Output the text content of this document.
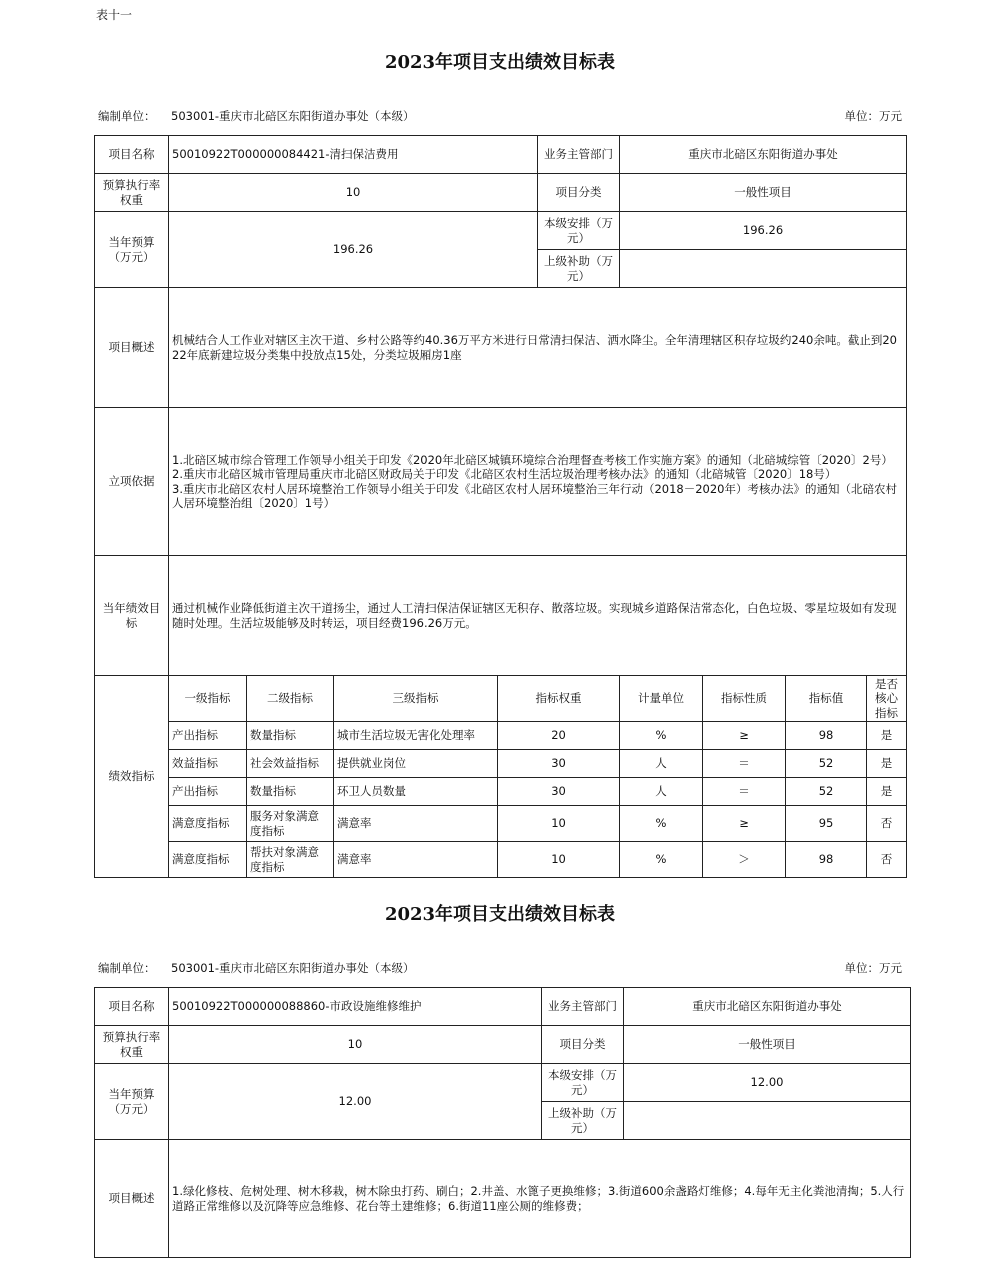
表十一
2023年项目支出绩效目标表
编制单位： 503001-重庆市北碚区东阳街道办事处（本级）	单位：万元
项目名称	50010922T000000084421-清扫保洁费用				业务主管部门	重庆市北碚区东阳街道办事处			
预算执行率权重	10				项目分类	一般性项目			
当年预算（万元）	196.26				本级安排（万元）	196.26			
					上级补助（万元）				
项目概述	机械结合人工作业对辖区主次干道、乡村公路等约40.36万平方米进行日常清扫保洁、洒水降尘。全年清理辖区积存垃圾约240余吨。截止到2022年底新建垃圾分类集中投放点15处，分类垃圾厢房1座								
立项依据	1.北碚区城市综合管理工作领导小组关于印发《2020年北碚区城镇环境综合治理督查考核工作实施方案》的通知（北碚城综管〔2020〕2号）
2.重庆市北碚区城市管理局重庆市北碚区财政局关于印发《北碚区农村生活垃圾治理考核办法》的通知（北碚城管〔2020〕18号）
3.重庆市北碚区农村人居环境整治工作领导小组关于印发《北碚区农村人居环境整治三年行动（2018－2020年）考核办法》的通知（北碚农村人居环境整治组〔2020〕1号）								

当年绩效目标	通过机械作业降低街道主次干道扬尘，通过人工清扫保洁保证辖区无积存、散落垃圾。实现城乡道路保洁常态化，白色垃圾、零星垃圾如有发现随时处理。生活垃圾能够及时转运，项目经费196.26万元。								
绩效指标	一级指标	二级指标	三级指标	指标权重		计量单位	指标性质	指标值	是否核心指标
	产出指标	数量指标	城市生活垃圾无害化处理率	20		%	≥	98	是
	效益指标	社会效益指标	提供就业岗位	30		人	＝	52	是
	产出指标	数量指标	环卫人员数量	30		人	＝	52	是
	满意度指标	服务对象满意度指标	满意率	10		%	≥	95	否
	满意度指标	帮扶对象满意度指标	满意率	10		%	＞	98	否
2023年项目支出绩效目标表
编制单位： 503001-重庆市北碚区东阳街道办事处（本级）	单位：万元
项目名称	50010922T000000088860-市政设施维修维护	业务主管部门	重庆市北碚区东阳街道办事处
预算执行率权重	10	项目分类	一般性项目
当年预算（万元）	12.00	本级安排（万元）	12.00
		上级补助（万元）	
项目概述	1.绿化修枝、危树处理、树木移栽，树木除虫打药、刷白；2.井盖、水篦子更换维修；3.街道600余盏路灯维修；4.每年无主化粪池清掏；5.人行道路正常维修以及沉降等应急维修、花台等土建维修；6.街道11座公厕的维修费；		
